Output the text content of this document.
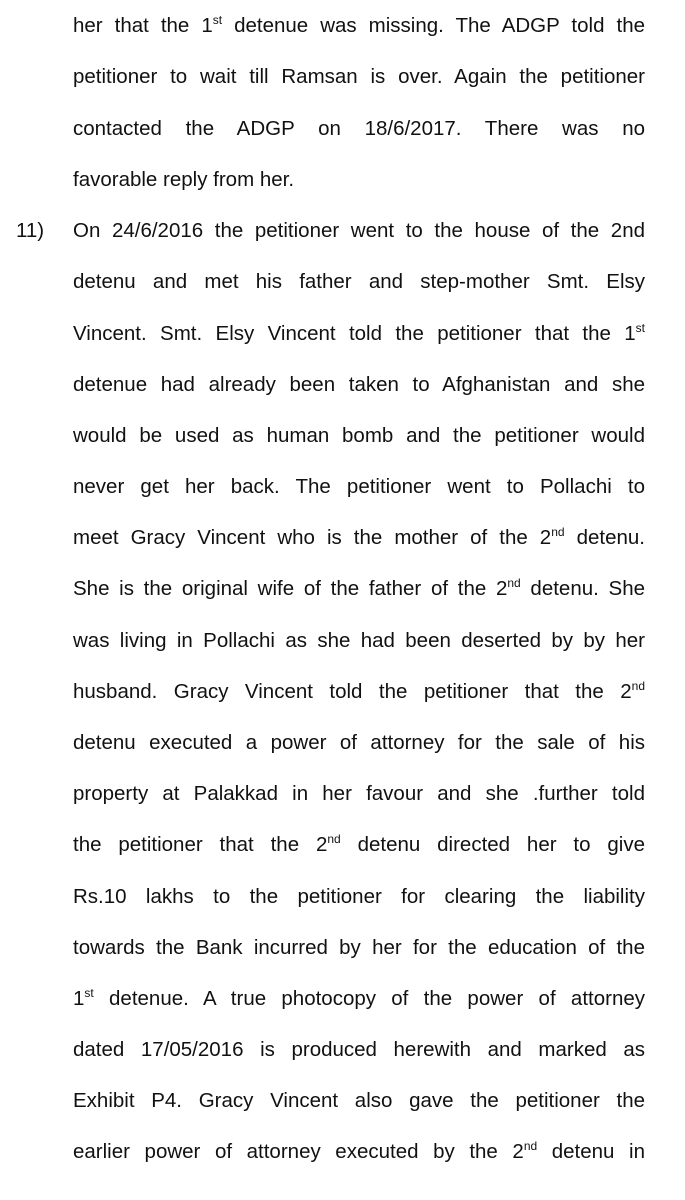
her that the 1st detenue was missing. The ADGP told the
petitioner to wait till Ramsan is over. Again the petitioner
contacted the ADGP on 18/6/2017. There was no
favorable reply from her.
11) On 24/6/2016 the petitioner went to the house of the 2nd
detenu and met his father and step-mother Smt. Elsy
Vincent. Smt. Elsy Vincent told the petitioner that the 1st
detenue had already been taken to Afghanistan and she
would be used as human bomb and the petitioner would
never get her back. The petitioner went to Pollachi to
meet Gracy Vincent who is the mother of the 2nd detenu.
She is the original wife of the father of the 2nd detenu. She
was living in Pollachi as she had been deserted by by her
husband. Gracy Vincent told the petitioner that the 2nd
detenu executed a power of attorney for the sale of his
property at Palakkad in her favour and she .further told
the petitioner that the 2nd detenu directed her to give
Rs.10 lakhs to the petitioner for clearing the liability
towards the Bank incurred by her for the education of the
1st detenue. A true photocopy of the power of attorney
dated 17/05/2016 is produced herewith and marked as
Exhibit P4. Gracy Vincent also gave the petitioner the
earlier power of attorney executed by the 2nd detenu in
